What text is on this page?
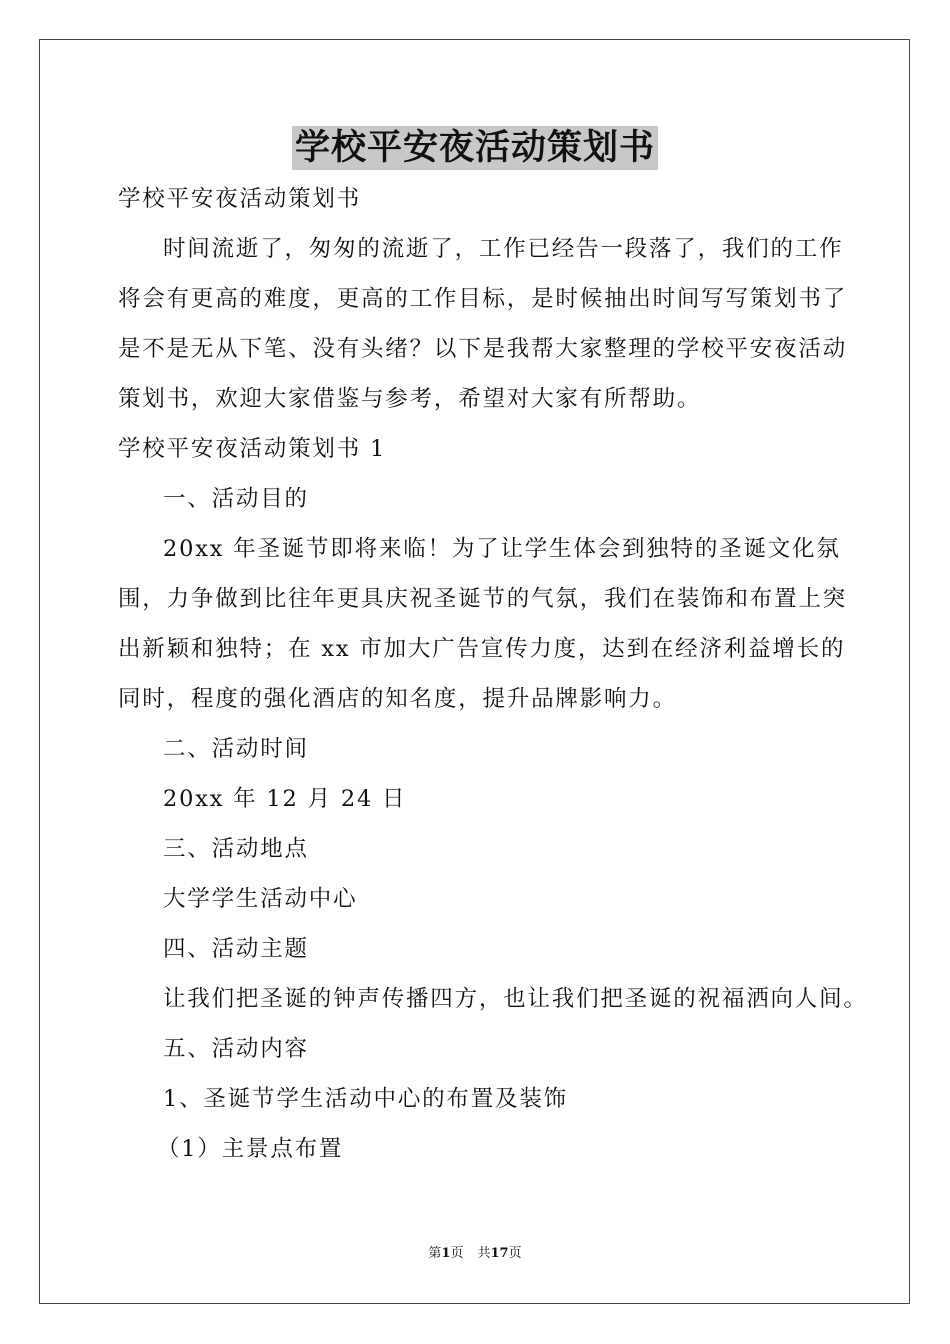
学校平安夜活动策划书
学校平安夜活动策划书
时间流逝了，匆匆的流逝了，工作已经告一段落了，我们的工作
将会有更高的难度，更高的工作目标，是时候抽出时间写写策划书了
是不是无从下笔、没有头绪？以下是我帮大家整理的学校平安夜活动
策划书，欢迎大家借鉴与参考，希望对大家有所帮助。
学校平安夜活动策划书 1
一、活动目的
20xx 年圣诞节即将来临！为了让学生体会到独特的圣诞文化氛
围，力争做到比往年更具庆祝圣诞节的气氛，我们在装饰和布置上突
出新颖和独特；在 xx 市加大广告宣传力度，达到在经济利益增长的
同时，程度的强化酒店的知名度，提升品牌影响力。
二、活动时间
20xx 年 12 月 24 日
三、活动地点
大学学生活动中心
四、活动主题
让我们把圣诞的钟声传播四方，也让我们把圣诞的祝福洒向人间。
五、活动内容
1、圣诞节学生活动中心的布置及装饰
（1）主景点布置
第1页 共17页
